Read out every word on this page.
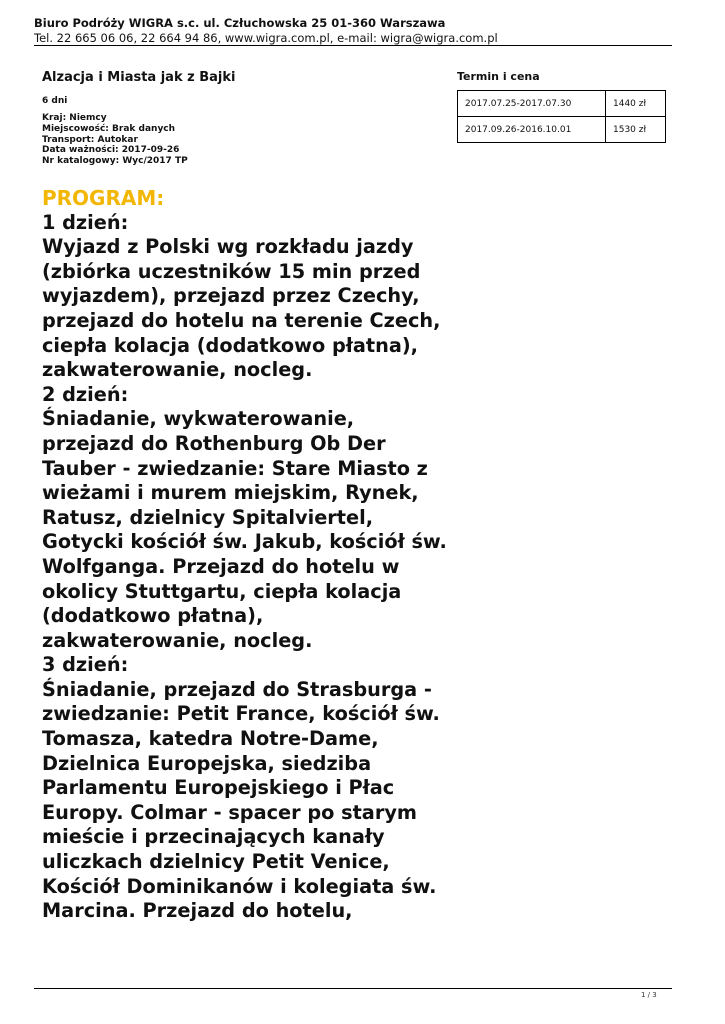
Biuro Podróży WIGRA s.c. ul. Człuchowska 25 01-360 Warszawa
Tel. 22 665 06 06, 22 664 94 86, www.wigra.com.pl, e-mail: wigra@wigra.com.pl
Alzacja i Miasta jak z Bajki
6 dni
Kraj: Niemcy
Miejscowość: Brak danych
Transport: Autokar
Data ważności: 2017-09-26
Nr katalogowy: Wyc/2017 TP
Termin i cena
2017.07.25-2017.07.30	1440 zł
2017.09.26-2016.10.01	1530 zł
PROGRAM:
1 dzień:
Wyjazd z Polski wg rozkładu jazdy (zbiórka uczestników 15 min przed wyjazdem), przejazd przez Czechy, przejazd do hotelu na terenie Czech, ciepła kolacja (dodatkowo płatna), zakwaterowanie, nocleg.
2 dzień:
Śniadanie, wykwaterowanie, przejazd do Rothenburg Ob Der Tauber - zwiedzanie: Stare Miasto z wieżami i murem miejskim, Rynek, Ratusz, dzielnicy Spitalviertel, Gotycki kościół św. Jakub, kościół św. Wolfganga. Przejazd do hotelu w okolicy Stuttgartu, ciepła kolacja (dodatkowo płatna), zakwaterowanie, nocleg.
3 dzień:
Śniadanie, przejazd do Strasburga - zwiedzanie: Petit France, kościół św. Tomasza, katedra Notre-Dame, Dzielnica Europejska, siedziba Parlamentu Europejskiego i Płac Europy. Colmar - spacer po starym mieście i przecinających kanały uliczkach dzielnicy Petit Venice, Kościół Dominikanów i kolegiata św. Marcina. Przejazd do hotelu,
1 / 3
